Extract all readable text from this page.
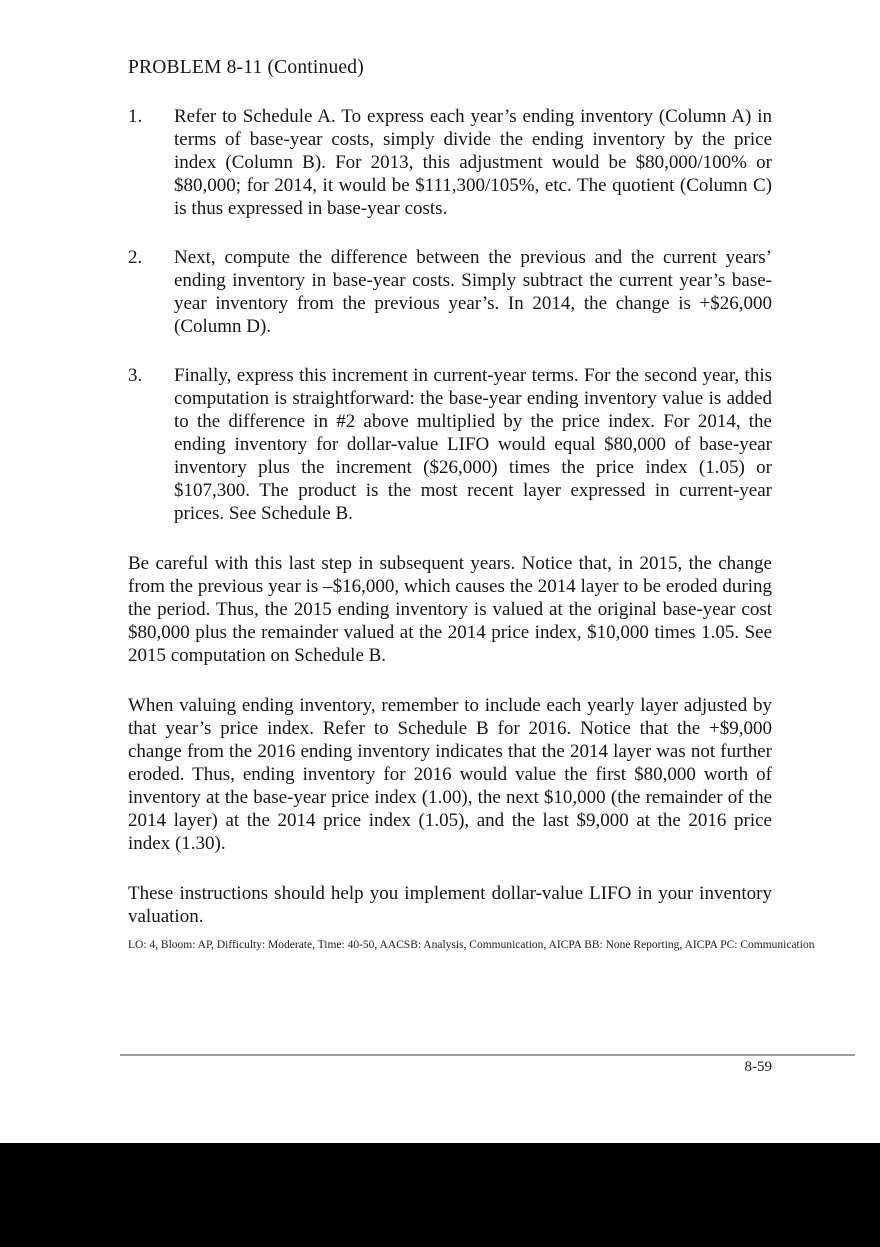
PROBLEM 8-11 (Continued)
1.	Refer to Schedule A. To express each year’s ending inventory (Column A) in terms of base-year costs, simply divide the ending inventory by the price index (Column B). For 2013, this adjustment would be $80,000/100% or $80,000; for 2014, it would be $111,300/105%, etc. The quotient (Column C) is thus expressed in base-year costs.
2.	Next, compute the difference between the previous and the current years’ ending inventory in base-year costs. Simply subtract the current year’s base-year inventory from the previous year’s. In 2014, the change is +$26,000 (Column D).
3.	Finally, express this increment in current-year terms. For the second year, this computation is straightforward: the base-year ending inventory value is added to the difference in #2 above multiplied by the price index. For 2014, the ending inventory for dollar-value LIFO would equal $80,000 of base-year inventory plus the increment ($26,000) times the price index (1.05) or $107,300. The product is the most recent layer expressed in current-year prices. See Schedule B.
Be careful with this last step in subsequent years. Notice that, in 2015, the change from the previous year is –$16,000, which causes the 2014 layer to be eroded during the period. Thus, the 2015 ending inventory is valued at the original base-year cost $80,000 plus the remainder valued at the 2014 price index, $10,000 times 1.05. See 2015 computation on Schedule B.
When valuing ending inventory, remember to include each yearly layer adjusted by that year’s price index. Refer to Schedule B for 2016. Notice that the +$9,000 change from the 2016 ending inventory indicates that the 2014 layer was not further eroded. Thus, ending inventory for 2016 would value the first $80,000 worth of inventory at the base-year price index (1.00), the next $10,000 (the remainder of the 2014 layer) at the 2014 price index (1.05), and the last $9,000 at the 2016 price index (1.30).
These instructions should help you implement dollar-value LIFO in your inventory valuation.
LO: 4, Bloom: AP, Difficulty: Moderate, Time: 40-50, AACSB: Analysis, Communication, AICPA BB: None Reporting, AICPA PC: Communication
8-59
